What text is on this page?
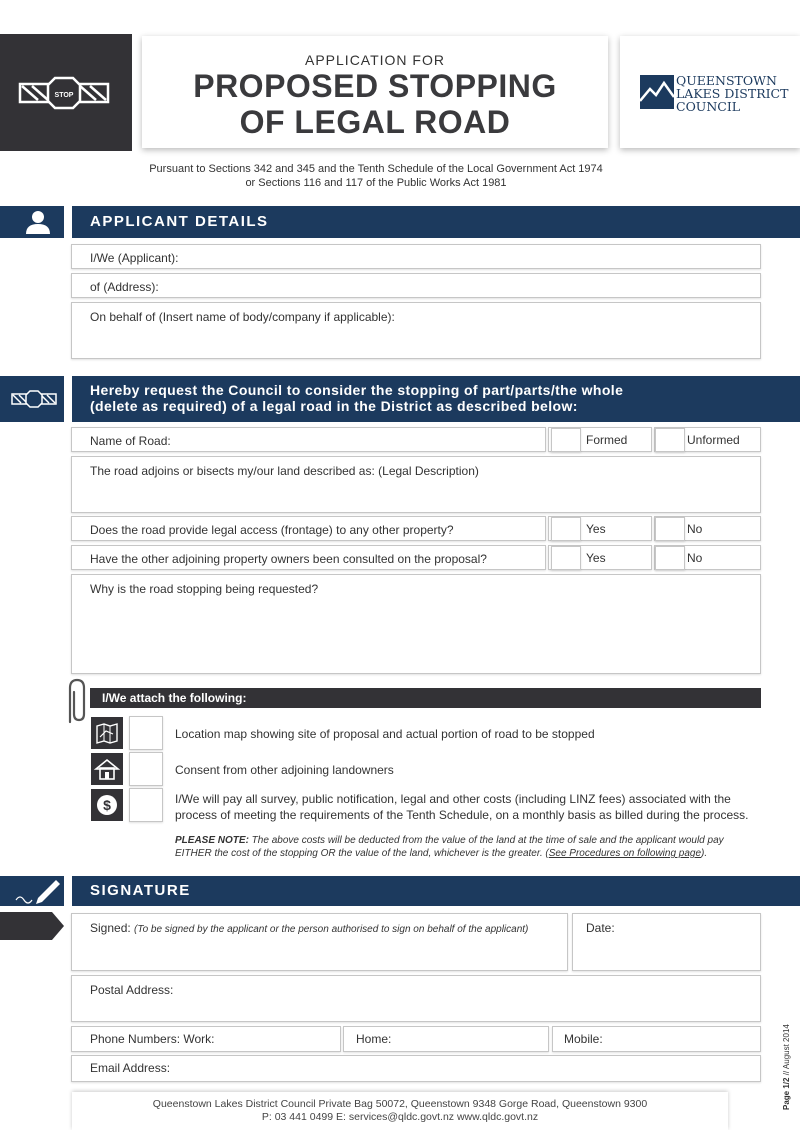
STOP
APPLICATION FOR
PROPOSED STOPPING
OF LEGAL ROAD
QUEENSTOWN
LAKES DISTRICT
COUNCIL
Pursuant to Sections 342 and 345 and the Tenth Schedule of the Local Government Act 1974
or Sections 116 and 117 of the Public Works Act 1981
APPLICANT DETAILS
I/We (Applicant):
of (Address):
On behalf of (Insert name of body/company if applicable):
Hereby request the Council to consider the stopping of part/parts/the whole
(delete as required) of a legal road in the District as described below:
Name of Road:	Formed	Unformed
The road adjoins or bisects my/our land described as: (Legal Description)
Does the road provide legal access (frontage) to any other property?	Yes	No
Have the other adjoining property owners been consulted on the proposal?	Yes	No
Why is the road stopping being requested?
I/We attach the following:
Location map showing site of proposal and actual portion of road to be stopped
Consent from other adjoining landowners
$	I/We will pay all survey, public notification, legal and other costs (including LINZ fees) associated with the
process of meeting the requirements of the Tenth Schedule, on a monthly basis as billed during the process.
PLEASE NOTE: The above costs will be deducted from the value of the land at the time of sale and the applicant would pay
EITHER the cost of the stopping OR the value of the land, whichever is the greater. (See Procedures on following page).
SIGNATURE
Signed: (To be signed by the applicant or the person authorised to sign on behalf of the applicant)	Date:
Postal Address:
Phone Numbers: Work:	Home:	Mobile:
Email Address:
Queenstown Lakes District Council Private Bag 50072, Queenstown 9348 Gorge Road, Queenstown 9300
P: 03 441 0499 E: services@qldc.govt.nz www.qldc.govt.nz
Page 1/2 // August 2014
